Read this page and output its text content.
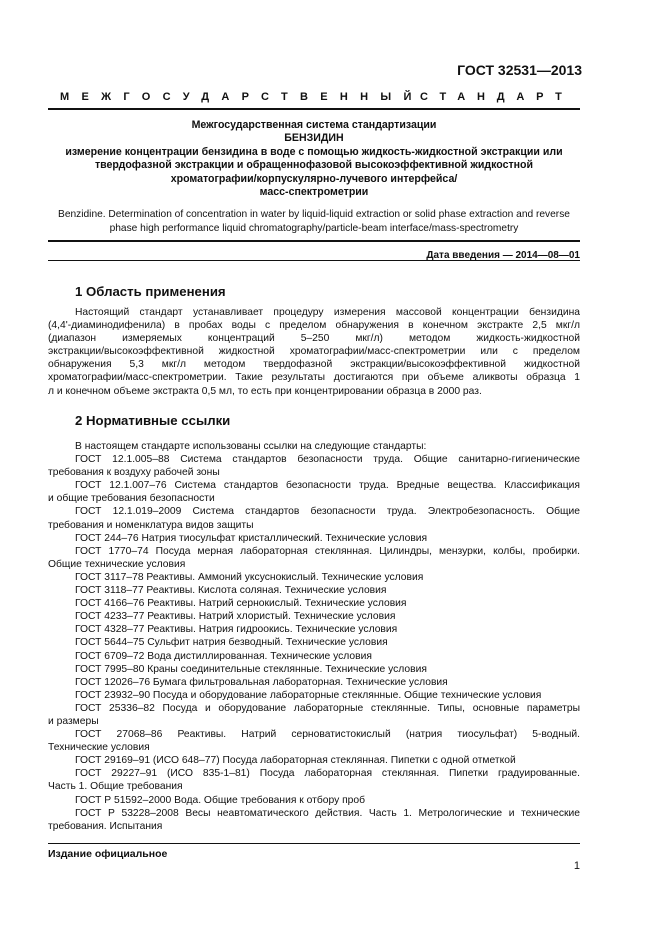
ГОСТ 32531—2013
МЕЖГОСУДАРСТВЕННЫЙ
СТАНДАРТ
Межгосударственная система стандартизации
БЕНЗИДИН
измерение концентрации бензидина в воде с помощью жидкость-жидкостной экстракции или
твердофазной экстракции и обращеннофазовой высокоэффективной жидкостной
хроматографии/корпускулярно-лучевого интерфейса/
масс-спектрометрии
Benzidine. Determination of concentration in water by liquid-liquid extraction or solid phase extraction and reverse
phase high performance liquid chromatography/particle-beam interface/mass-spectrometry
Дата введения — 2014—08—01
1 Область применения
Настоящий стандарт устанавливает процедуру измерения массовой концентрации бензидина
(4,4'-диаминодифенила) в пробах воды с пределом обнаружения в конечном экстракте 2,5 мкг/л
(диапазон измеряемых концентраций 5–250 мкг/л) методом жидкость-жидкостной
экстракции/высокоэффективной жидкостной хроматографии/масс-спектрометрии или с пределом
обнаружения 5,3 мкг/л методом твердофазной экстракции/высокоэффективной жидкостной
хроматографии/масс-спектрометрии. Такие результаты достигаются при объеме аликвоты образца 1
л и конечном объеме экстракта 0,5 мл, то есть при концентрировании образца в 2000 раз.
2 Нормативные ссылки
В настоящем стандарте использованы ссылки на следующие стандарты:
ГОСТ 12.1.005–88 Система стандартов безопасности труда. Общие санитарно-гигиенические
требования к воздуху рабочей зоны
ГОСТ 12.1.007–76 Система стандартов безопасности труда. Вредные вещества. Классификация
и общие требования безопасности
ГОСТ 12.1.019–2009 Система стандартов безопасности труда. Электробезопасность. Общие
требования и номенклатура видов защиты
ГОСТ 244–76 Натрия тиосульфат кристаллический. Технические условия
ГОСТ 1770–74 Посуда мерная лабораторная стеклянная. Цилиндры, мензурки, колбы, пробирки.
Общие технические условия
ГОСТ 3117–78 Реактивы. Аммоний уксуснокислый. Технические условия
ГОСТ 3118–77 Реактивы. Кислота соляная. Технические условия
ГОСТ 4166–76 Реактивы. Натрий сернокислый. Технические условия
ГОСТ 4233–77 Реактивы. Натрий хлористый. Технические условия
ГОСТ 4328–77 Реактивы. Натрия гидроокись. Технические условия
ГОСТ 5644–75 Сульфит натрия безводный. Технические условия
ГОСТ 6709–72 Вода дистиллированная. Технические условия
ГОСТ 7995–80 Краны соединительные стеклянные. Технические условия
ГОСТ 12026–76 Бумага фильтровальная лабораторная. Технические условия
ГОСТ 23932–90 Посуда и оборудование лабораторные стеклянные. Общие технические условия
ГОСТ 25336–82 Посуда и оборудование лабораторные стеклянные. Типы, основные параметры
и размеры
ГОСТ 27068–86 Реактивы. Натрий серноватистокислый (натрия тиосульфат) 5-водный.
Технические условия
ГОСТ 29169–91 (ИСО 648–77) Посуда лабораторная стеклянная. Пипетки с одной отметкой
ГОСТ 29227–91 (ИСО 835-1–81) Посуда лабораторная стеклянная. Пипетки градуированные.
Часть 1. Общие требования
ГОСТ Р 51592–2000 Вода. Общие требования к отбору проб
ГОСТ Р 53228–2008 Весы неавтоматического действия. Часть 1. Метрологические и технические
требования. Испытания
Издание официальное
1
